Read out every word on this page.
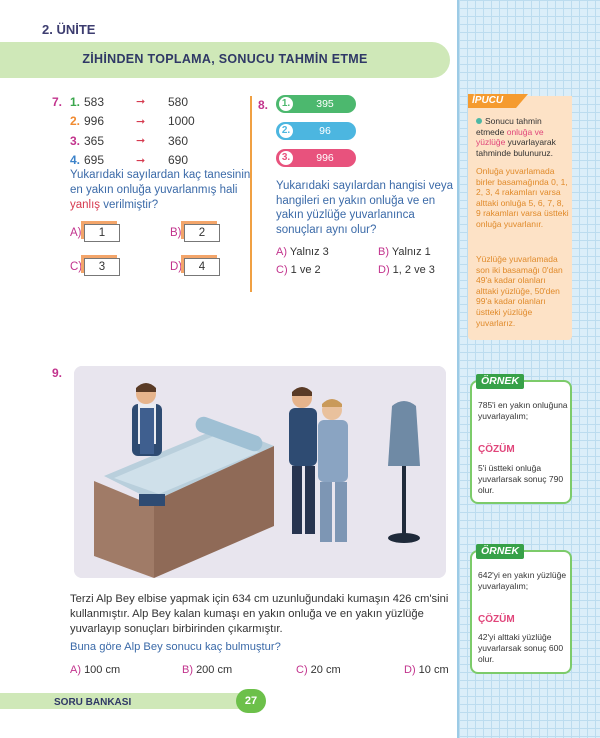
2. ÜNİTE
ZİHİNDEN TOPLAMA, SONUCU TAHMİN ETME
7. 1. 583	➞	580
2. 996	➞	1000
3. 365	➞	360
4. 695	➞	690
Yukarıdaki sayılardan kaç tanesinin en yakın onluğa yuvarlanmış hali yanlış verilmiştir?
A)	1	B)	2
C)	3	D)	4
8. 1.	395
2.	96
3.	996
Yukarıdaki sayılardan hangisi veya hangileri en yakın onluğa ve en yakın yüzlüğe yuvarlanınca sonuçları aynı olur?
A) Yalnız 3	B) Yalnız 1
C) 1 ve 2	D) 1, 2 ve 3
İPUCU
Sonucu tahmin etmede onluğa ve yüzlüğe yuvarlayarak tahminde bulunuruz.
Onluğa yuvarlamada birler basamağında 0, 1, 2, 3, 4 rakamları varsa alttaki onluğa 5, 6, 7, 8, 9 rakamları varsa üstteki onluğa yuvarlanır.
Yüzlüğe yuvarlamada son iki basamağı 0'dan 49'a kadar olanları alttaki yüzlüğe, 50'den 99'a kadar olanları üstteki yüzlüğe yuvarlarız.
ÖRNEK
785'i en yakın onluğuna yuvarlayalım;
ÇÖZÜM
5'i üstteki onluğa yuvarlarsak sonuç 790 olur.
ÖRNEK
642'yi en yakın yüzlüğe yuvarlayalım;
ÇÖZÜM
42'yi alttaki yüzlüğe yuvarlarsak sonuç 600 olur.
9.
Terzi Alp Bey elbise yapmak için 634 cm uzunluğundaki kumaşın 426 cm'sini kullanmıştır. Alp Bey kalan kumaşı en yakın onluğa ve en yakın yüzlüğe yuvarlayıp sonuçları birbirinden çıkarmıştır.
Buna göre Alp Bey sonucu kaç bulmuştur?
A) 100 cm	B) 200 cm	C) 20 cm	D) 10 cm
SORU BANKASI	27
